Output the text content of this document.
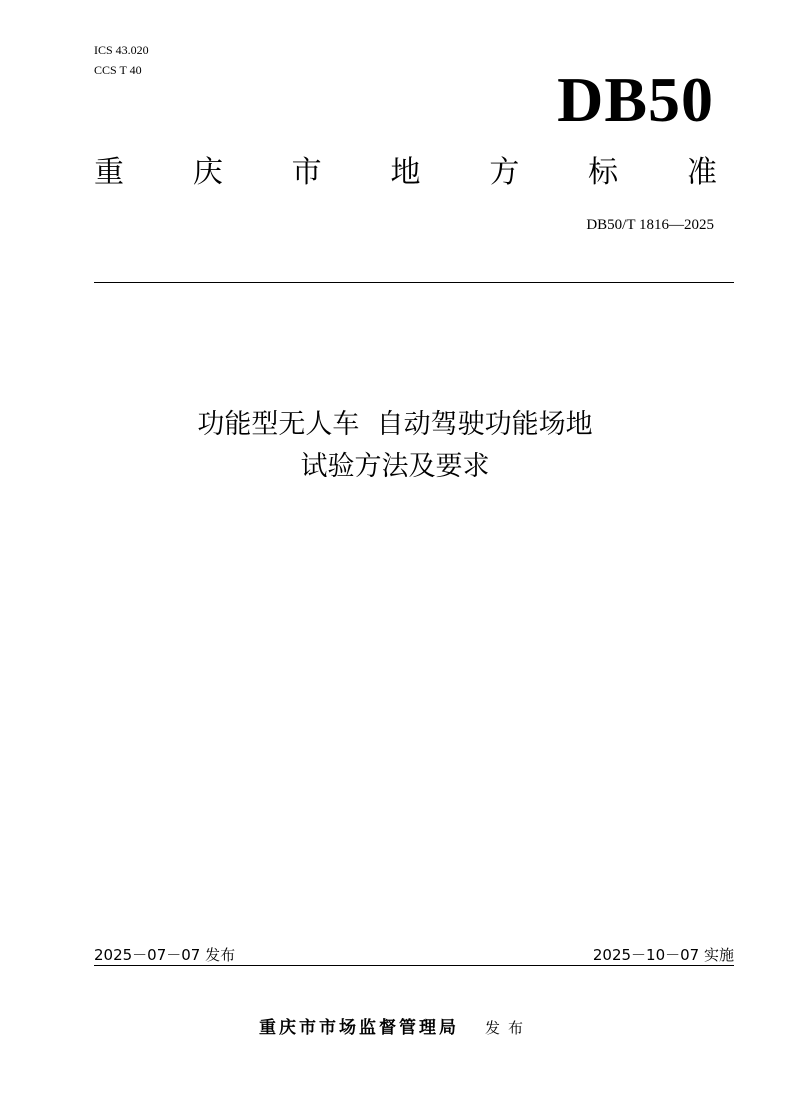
ICS 43.020
CCS T 40	DB50
重 庆 市 地 方 标 准
DB50/T 1816—2025
功能型无人车  自动驾驶功能场地
试验方法及要求
2025－07－07 发布	2025－10－07 实施
重庆市市场监督管理局 发布
